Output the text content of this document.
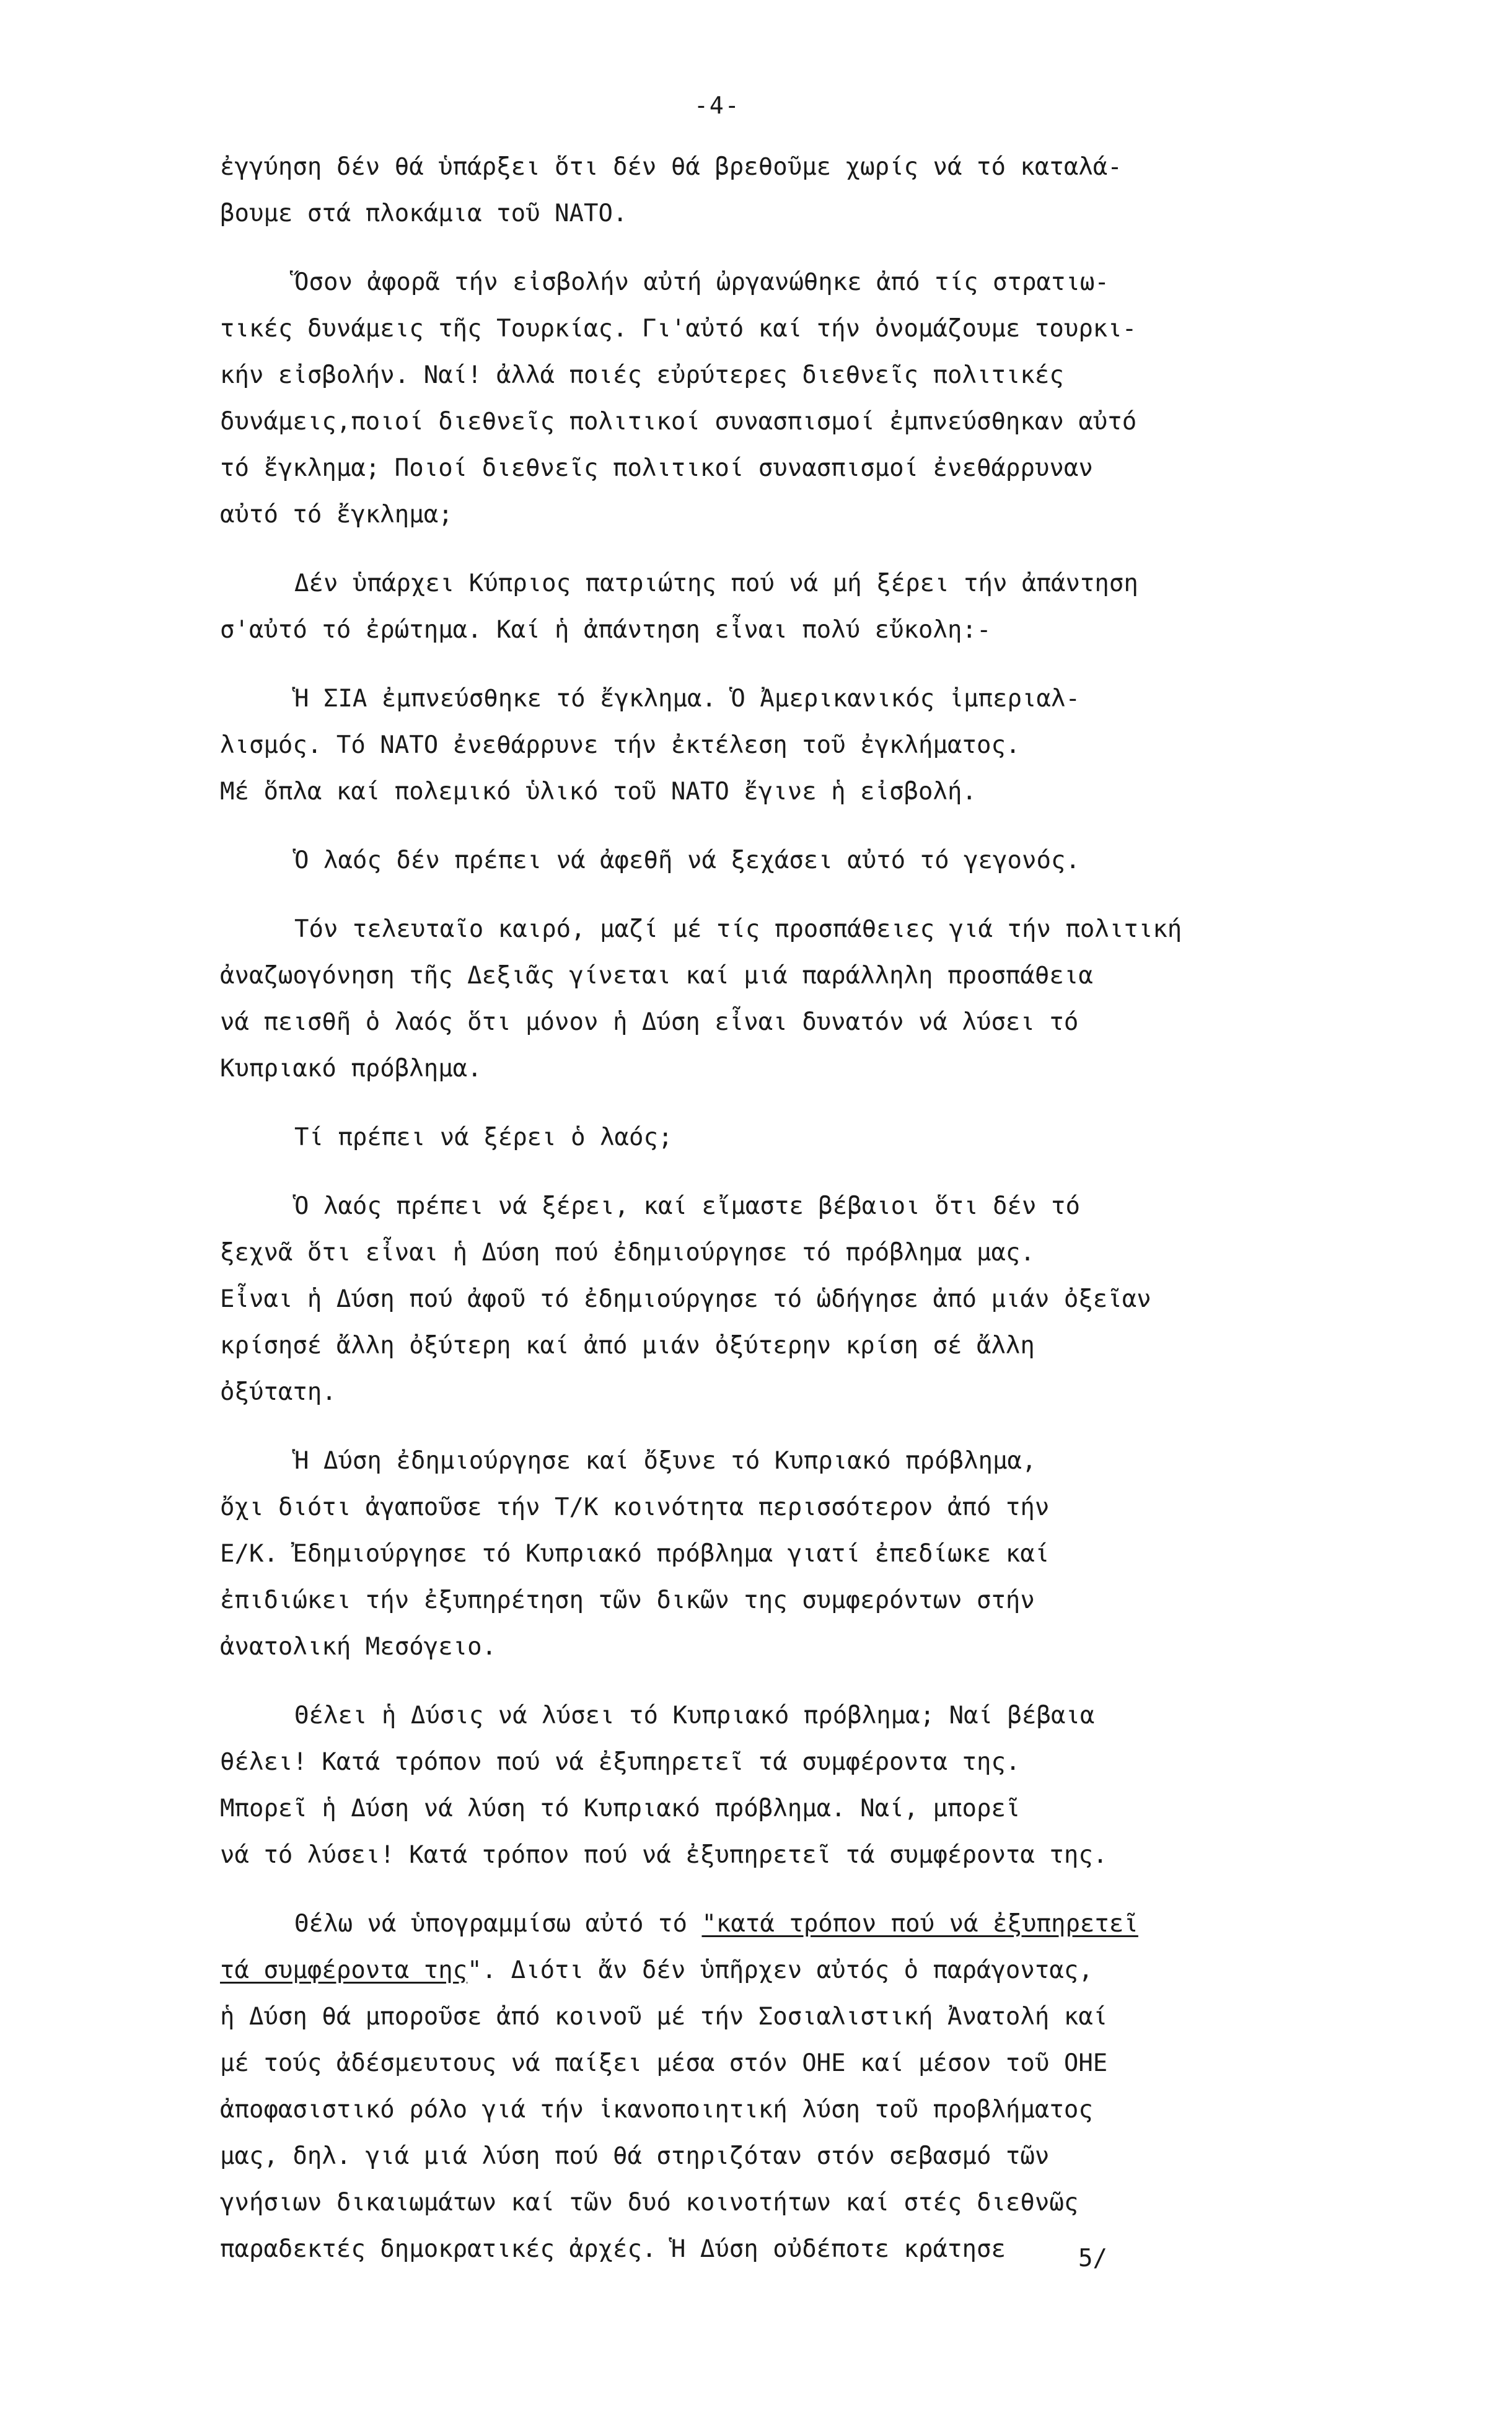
-4-
ἐγγύηση δέν θά ὑπάρξει ὅτι δέν θά βρεθοῦμε χωρίς νά τό καταλά-
βουμε στά πλοκάμια τοῦ ΝΑΤΟ.
Ὅσον ἀφορᾶ τήν εἰσβολήν αὐτή ὠργανώθηκε ἀπό τίς στρατιω-
τικές δυνάμεις τῆς Τουρκίας. Γι'αὐτό καί τήν ὀνομάζουμε τουρκι-
κήν εἰσβολήν. Ναί! ἀλλά ποιές εὐρύτερες διεθνεῖς πολιτικές
δυνάμεις,ποιοί διεθνεῖς πολιτικοί συνασπισμοί ἐμπνεύσθηκαν αὐτό
τό ἔγκλημα; Ποιοί διεθνεῖς πολιτικοί συνασπισμοί ἐνεθάρρυναν
αὐτό τό ἔγκλημα;
Δέν ὑπάρχει Κύπριος πατριώτης πού νά μή ξέρει τήν ἀπάντηση
σ'αὐτό τό ἐρώτημα. Καί ἡ ἀπάντηση εἶναι πολύ εὔκολη:-
Ἡ ΣΙΑ ἐμπνεύσθηκε τό ἔγκλημα. Ὁ Ἀμερικανικός ἰμπεριαλ-
λισμός. Τό ΝΑΤΟ ἐνεθάρρυνε τήν ἐκτέλεση τοῦ ἐγκλήματος.
Μέ ὅπλα καί πολεμικό ὑλικό τοῦ ΝΑΤΟ ἔγινε ἡ εἰσβολή.
Ὁ λαός δέν πρέπει νά ἀφεθῆ νά ξεχάσει αὐτό τό γεγονός.
Τόν τελευταῖο καιρό, μαζί μέ τίς προσπάθειες γιά τήν πολιτική
ἀναζωογόνηση τῆς Δεξιᾶς γίνεται καί μιά παράλληλη προσπάθεια
νά πεισθῆ ὁ λαός ὅτι μόνον ἡ Δύση εἶναι δυνατόν νά λύσει τό
Κυπριακό πρόβλημα.
Τί πρέπει νά ξέρει ὁ λαός;
Ὁ λαός πρέπει νά ξέρει, καί εἴμαστε βέβαιοι ὅτι δέν τό
ξεχνᾶ ὅτι εἶναι ἡ Δύση πού ἐδημιούργησε τό πρόβλημα μας.
Εἶναι ἡ Δύση πού ἀφοῦ τό ἐδημιούργησε τό ὡδήγησε ἀπό μιάν ὀξεῖαν
κρίσησέ ἄλλη ὀξύτερη καί ἀπό μιάν ὀξύτερην κρίση σέ ἄλλη
ὀξύτατη.
Ἡ Δύση ἐδημιούργησε καί ὄξυνε τό Κυπριακό πρόβλημα,
ὄχι διότι ἀγαποῦσε τήν Τ/Κ κοινότητα περισσότερον ἀπό τήν
Ε/Κ. Ἐδημιούργησε τό Κυπριακό πρόβλημα γιατί ἐπεδίωκε καί
ἐπιδιώκει τήν ἐξυπηρέτηση τῶν δικῶν της συμφερόντων στήν
ἀνατολική Μεσόγειο.
Θέλει ἡ Δύσις νά λύσει τό Κυπριακό πρόβλημα; Ναί βέβαια
θέλει! Κατά τρόπον πού νά ἐξυπηρετεῖ τά συμφέροντα της.
Μπορεῖ ἡ Δύση νά λύση τό Κυπριακό πρόβλημα. Ναί, μπορεῖ
νά τό λύσει! Κατά τρόπον πού νά ἐξυπηρετεῖ τά συμφέροντα της.
Θέλω νά ὑπογραμμίσω αὐτό τό "κατά τρόπον πού νά ἐξυπηρετεῖ
τά συμφέροντα της". Διότι ἄν δέν ὑπῆρχεν αὐτός ὁ παράγοντας,
ἡ Δύση θά μποροῦσε ἀπό κοινοῦ μέ τήν Σοσιαλιστική Ἀνατολή καί
μέ τούς ἀδέσμευτους νά παίξει μέσα στόν ΟΗΕ καί μέσον τοῦ ΟΗΕ
ἀποφασιστικό ρόλο γιά τήν ἱκανοποιητική λύση τοῦ προβλήματος
μας, δηλ. γιά μιά λύση πού θά στηριζόταν στόν σεβασμό τῶν
γνήσιων δικαιωμάτων καί τῶν δυό κοινοτήτων καί στές διεθνῶς
παραδεκτές δημοκρατικές ἀρχές. Ἡ Δύση οὐδέποτε κράτησε	5/
